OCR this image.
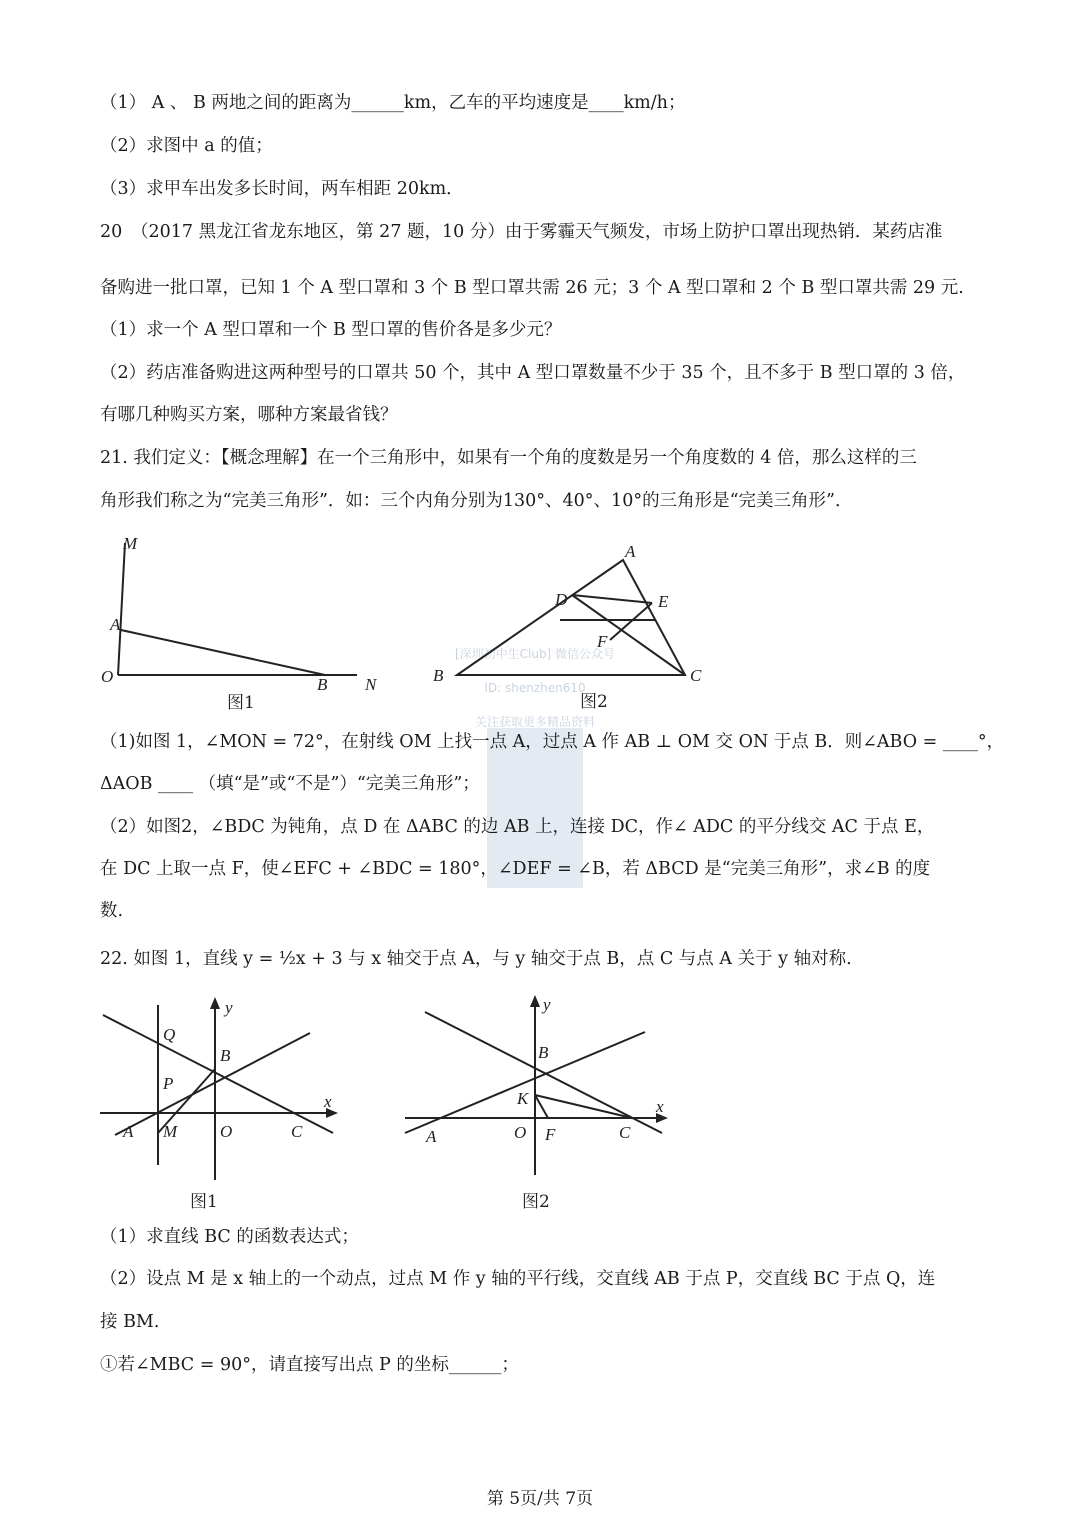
（1） A 、 B 两地之间的距离为______km，乙车的平均速度是____km/h；
（2）求图中 a 的值；
（3）求甲车出发多长时间，两车相距 20km．
20　（2017 黑龙江省龙东地区，第 27 题，10 分）由于雾霾天气频发，市场上防护口罩出现热销．某药店准
备购进一批口罩，已知 1 个 A 型口罩和 3 个 B 型口罩共需 26 元；3 个 A 型口罩和 2 个 B 型口罩共需 29 元.
（1）求一个 A 型口罩和一个 B 型口罩的售价各是多少元？
（2）药店准备购进这两种型号的口罩共 50 个，其中 A 型口罩数量不少于 35 个，且不多于 B 型口罩的 3 倍，
有哪几种购买方案，哪种方案最省钱？
21. 我们定义：【概念理解】在一个三角形中，如果有一个角的度数是另一个角度数的 4 倍，那么这样的三
角形我们称之为“完美三角形”．如：三个内角分别为130°、40°、10°的三角形是“完美三角形”．
[深圳初中生Club] 微信公众号
ID: shenzhen610
关注获取更多精品资料
M
A
O	B N
图1
A
D	E
F
B	C
图2
（1)如图 1，∠MON = 72°，在射线 OM 上找一点 A，过点 A 作 AB ⊥ OM 交 ON 于点 B．则∠ABO = ____°，
ΔAOB ____ （填“是”或“不是”）“完美三角形”；
（2）如图2，∠BDC 为钝角，点 D 在 ΔABC 的边 AB 上，连接 DC，作∠ ADC 的平分线交 AC 于点 E，
在 DC 上取一点 F，使∠EFC + ∠BDC = 180°，∠DEF = ∠B，若 ΔBCD 是“完美三角形”，求∠B 的度
数.
22. 如图 1，直线 y = ½x + 3 与 x 轴交于点 A，与 y 轴交于点 B，点 C 与点 A 关于 y 轴对称.
y
Q
B
P
x
A M	O	C
图1
y
B
K	x
A	O F	C
图2
（1）求直线 BC 的函数表达式；
（2）设点 M 是 x 轴上的一个动点，过点 M 作 y 轴的平行线，交直线 AB 于点 P，交直线 BC 于点 Q，连
接 BM.
①若∠MBC = 90°，请直接写出点 P 的坐标______；
第 5页/共 7页
